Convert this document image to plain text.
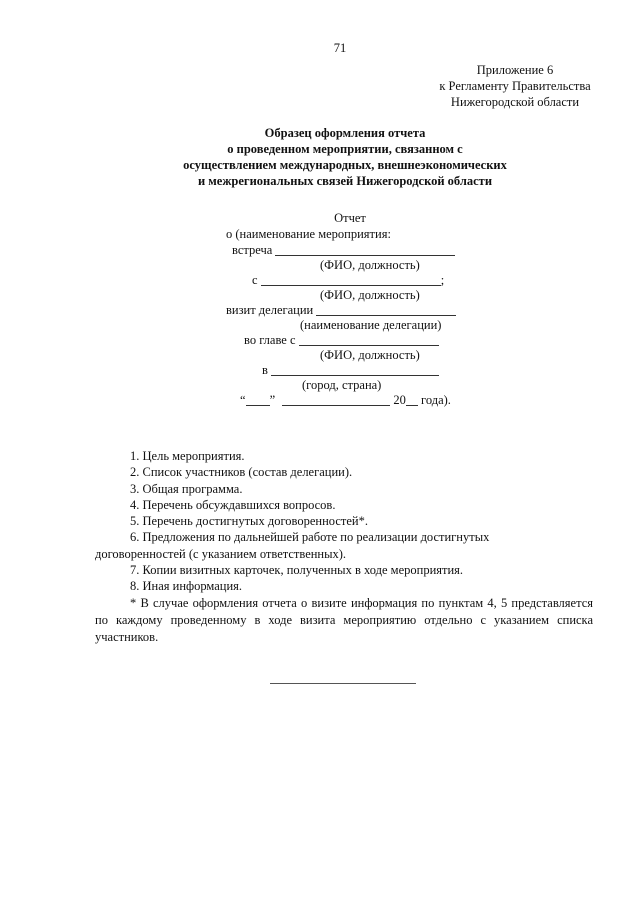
71
Приложение 6
к Регламенту Правительства
Нижегородской области
Образец оформления отчета
о проведенном мероприятии, связанном с
осуществлением международных, внешнеэкономических
и межрегиональных связей Нижегородской области
Отчет
о (наименование мероприятия:
встреча
(ФИО, должность)
с	;
(ФИО, должность)
визит делегации
(наименование делегации)
во главе с
(ФИО, должность)
в
(город, страна)
“ ”	20 года).
1. Цель мероприятия.
2. Список участников (состав делегации).
3. Общая программа.
4. Перечень обсуждавшихся вопросов.
5. Перечень достигнутых договоренностей*.
6. Предложения по дальнейшей работе по реализации достигнутых
договоренностей (с указанием ответственных).
7. Копии визитных карточек, полученных в ходе мероприятия.
8. Иная информация.
* В случае оформления отчета о визите информация по пунктам 4, 5 представляется по каждому проведенному в ходе визита мероприятию отдельно с указанием списка участников.
